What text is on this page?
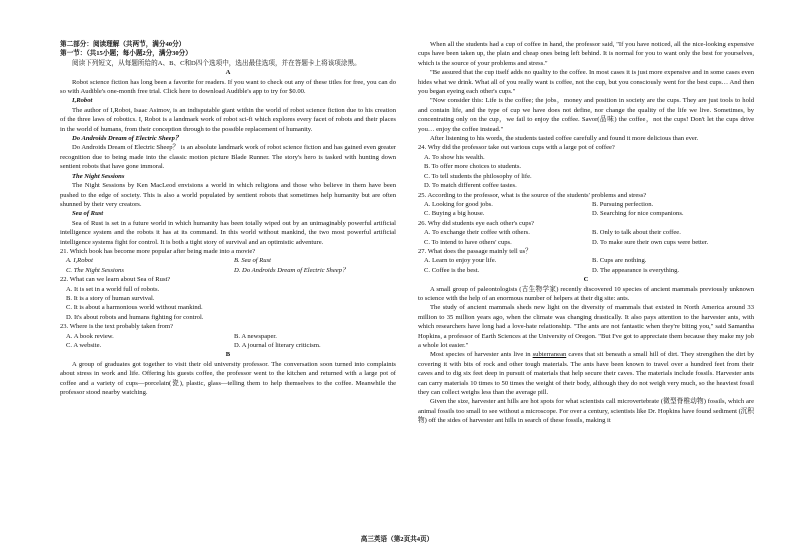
第二部分：阅读理解（共两节，满分40分）

第一节：（共15小题；每小题2分，满分30分）

阅读下列短文，从每题所给的A、B、C和D四个选项中，选出最佳选项，并在答题卡上将该项涂黑。

A

Robot science fiction has long been a favorite for readers. If you want to check out any of these titles for free, you can do so with Audible's one-month free trial. Click here to download Audible's app to try for $0.00.

I,Robot

The author of I,Robot, Isaac Asimov, is an indisputable giant within the world of robot science fiction due to his creation of the three laws of robotics. I, Robot is a landmark work of robot sci-fi which explores every facet of robots and their places in the world of humans, from their conception through to the possible replacement of humanity.

Do Androids Dream of Electric Sheep？

Do Androids Dream of Electric Sheep？ is an absolute landmark work of robot science fiction and has gained even greater recognition due to being made into the classic motion picture Blade Runner. The story's hero is tasked with hunting down sentient robots that have gone immoral.

The Night Sessions

The Night Sessions by Ken MacLeod envisions a world in which religions and those who believe in them have been pushed to the edge of society. This is also a world populated by sentient robots that sometimes help humanity but are often shunned by their very creators.

Sea of Rust

Sea of Rust is set in a future world in which humanity has been totally wiped out by an unimaginably powerful artificial intelligence system and the robots it has at its command. In this world without mankind, the two most powerful artificial intelligence systems fight for control. It is both a tight story of survival and an optimistic adventure.

21. Which book has become more popular after being made into a movie?

A. I,Robot	B. Sea of Rust
C. The Night Sessions	D. Do Androids Dream of Electric Sheep？

22. What can we learn about Sea of Rust?

A. It is set in a world full of robots.
B. It is a story of human survival.
C. It is about a harmonious world without mankind.
D. It's about robots and humans fighting for control.

23. Where is the text probably taken from?

A. A book review.	B. A newspaper.
C. A website.	D. A journal of literary criticism.
B

A group of graduates got together to visit their old university professor. The conversation soon turned into complaints about stress in work and life. Offering his guests coffee, the professor went to the kitchen and returned with a large pot of coffee and a variety of cups—porcelain(瓷), plastic, glass—telling them to help themselves to the coffee. Meanwhile the professor stood nearby watching.

When all the students had a cup of coffee in hand, the professor said, "If you have noticed, all the nice-looking expensive cups have been taken up, the plain and cheap ones being left behind. It is normal for you to want only the best for yourselves, which is the source of your problems and stress."

"Be assured that the cup itself adds no quality to the coffee. In most cases it is just more expensive and in some cases even hides what we drink. What all of you really want is coffee, not the cup, but you consciously went for the best cups… And then you began eyeing each other's cups."

"Now consider this: Life is the coffee; the jobs，money and position in society are the cups. They are just tools to hold and contain life, and the type of cup we have does not define, nor change the quality of the life we live. Sometimes, by concentrating only on the cup，we fail to enjoy the coffee. Savor(品味) the coffee，not the cups! Don't let the cups drive you… enjoy the coffee instead."

After listening to his words, the students tasted coffee carefully and found it more delicious than ever.

24. Why did the professor take out various cups with a large pot of coffee?

A. To show his wealth.
B. To offer more choices to students.
C. To tell students the philosophy of life.
D. To match different coffee tastes.

25. According to the professor, what is the source of the students' problems and stress?

A. Looking for good jobs.	B. Pursuing perfection.
C. Buying a big house.	D. Searching for nice companions.

26. Why did students eye each other's cups?

A. To exchange their coffee with others.	B. Only to talk about their coffee.
C. To intend to have others' cups.	D. To make sure their own cups were better.

27. What does the passage mainly tell us？

A. Learn to enjoy your life.	B. Cups are nothing.
C. Coffee is the best.	D. The appearance is everything.
C

A small group of paleontologists (古生物学家) recently discovered 10 species of ancient mammals previously unknown to science with the help of an enormous number of helpers at their dig site: ants.

The study of ancient mammals sheds new light on the diversity of mammals that existed in North America around 33 million to 35 million years ago, when the climate was changing drastically. It also pays attention to the harvester ants, with which researchers have long had a love-hate relationship. "The ants are not fantastic when they're biting you," said Samantha Hopkins, a professor of Earth Sciences at the University of Oregon. "But I've got to appreciate them because they make my job a whole lot easier."

Most species of harvester ants live in subterranean caves that sit beneath a small hill of dirt. They strengthen the dirt by covering it with bits of rock and other tough materials. The ants have been known to travel over a hundred feet from their caves and to dig six feet deep in pursuit of materials that help secure their caves. The materials include fossils. Harvester ants can carry materials 10 times to 50 times the weight of their body, although they do not weigh very much, so the heaviest fossil they can collect weighs less than the average pill.

Given the size, harvester ant hills are hot spots for what scientists call microvertebrate (微型脊椎动物) fossils, which are animal fossils too small to see without a microscope. For over a century, scientists like Dr. Hopkins have found sediment (沉积物) off the sides of harvester ant hills in search of these fossils, making it

高三英语（第2页共4页）
